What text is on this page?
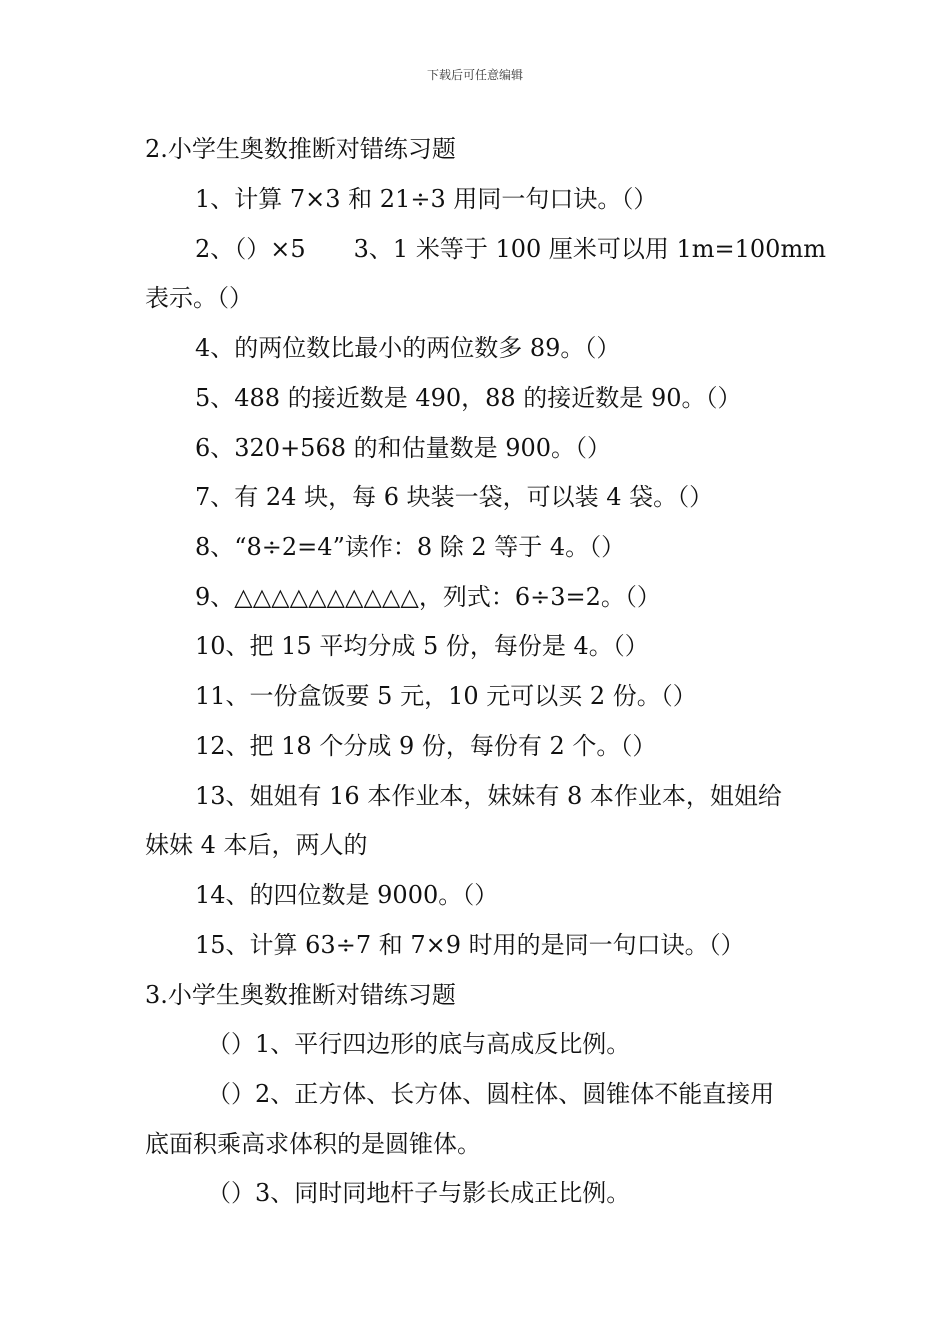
下载后可任意编辑
2.小学生奥数推断对错练习题
1、计算 7×3 和 21÷3 用同一句口诀。（）
2、（）×5　　3、1 米等于 100 厘米可以用 1m=100mm
表示。（）
4、的两位数比最小的两位数多 89。（）
5、488 的接近数是 490，88 的接近数是 90。（）
6、320+568 的和估量数是 900。（）
7、有 24 块，每 6 块装一袋，可以装 4 袋。（）
8、“8÷2=4”读作：8 除 2 等于 4。（）
9、△△△△△△△△△△，列式：6÷3=2。（）
10、把 15 平均分成 5 份，每份是 4。（）
11、一份盒饭要 5 元，10 元可以买 2 份。（）
12、把 18 个分成 9 份，每份有 2 个。（）
13、姐姐有 16 本作业本，妹妹有 8 本作业本，姐姐给
妹妹 4 本后，两人的
14、的四位数是 9000。（）
15、计算 63÷7 和 7×9 时用的是同一句口诀。（）
3.小学生奥数推断对错练习题
（）1、平行四边形的底与高成反比例。
（）2、正方体、长方体、圆柱体、圆锥体不能直接用
底面积乘高求体积的是圆锥体。
（）3、同时同地杆子与影长成正比例。
